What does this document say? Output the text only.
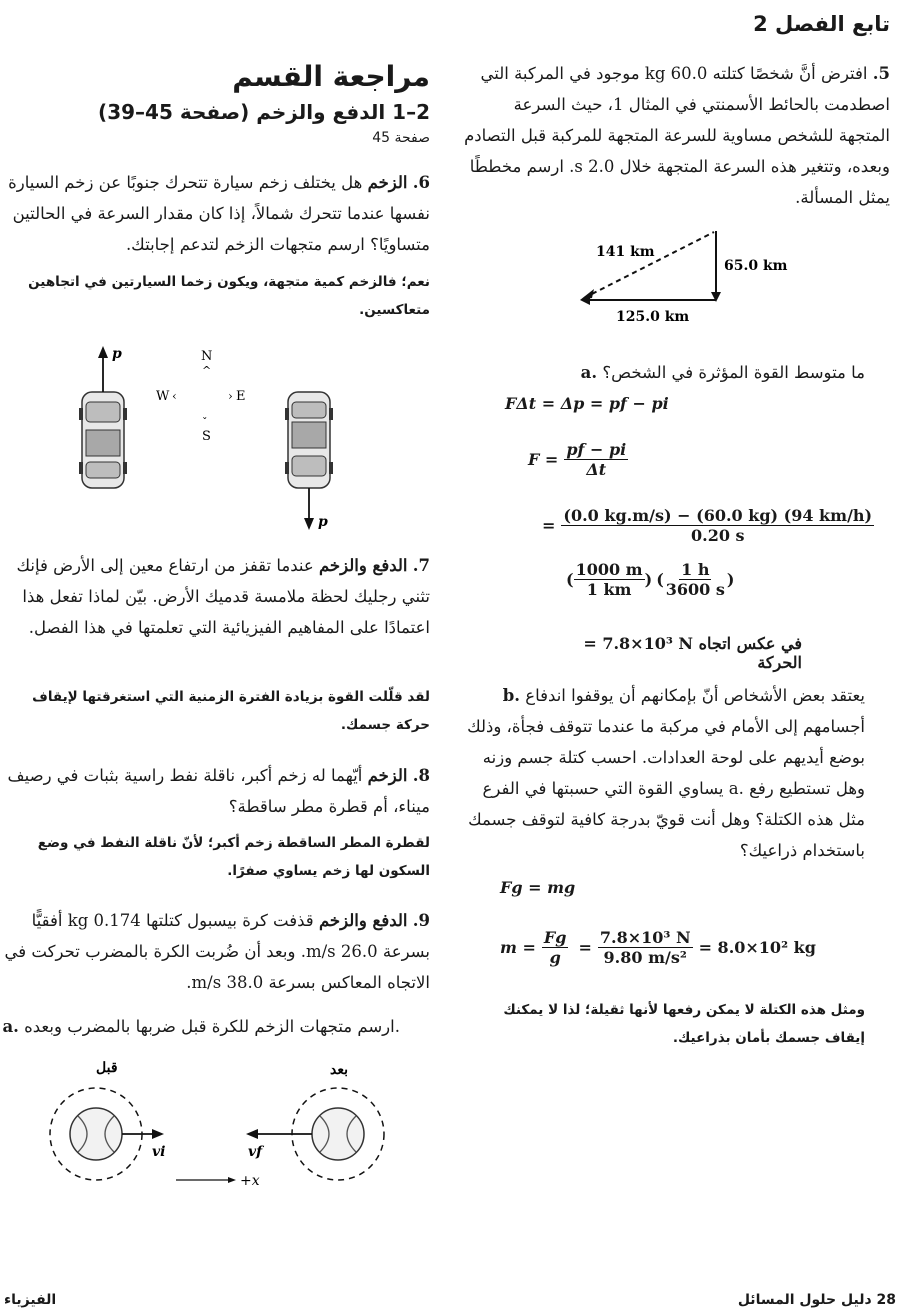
تابع الفصل 2
مراجعة القسم
2–1 الدفع والزخم (صفحة 45–39)
صفحة 45
5. افترض أنَّ شخصًا كتلته 60.0 kg موجود في المركبة التي اصطدمت بالحائط الأسمنتي في المثال 1، حيث السرعة المتجهة للشخص مساوية للسرعة المتجهة للمركبة قبل التصادم وبعده، وتتغير هذه السرعة المتجهة خلال 2.0 s. ارسم مخططًا يمثل المسألة.
141 km
65.0 km
125.0 km
a. ما متوسط القوة المؤثرة في الشخص؟
FΔt = Δp = pf − pi
$F = \frac{pf - pi}{\Delta t}$
= $\frac{(0.0 kg.m/s) - (60.0 kg) (94 km/h)}{0.20 s}$
( $\frac{1000 m}{1 km}$ ) ( $\frac{1 h}{3600 s}$ )
= 7.8×10³ N في عكس اتجاه الحركة
b. يعتقد بعض الأشخاص أنّ بإمكانهم أن يوقفوا اندفاع أجسامهم إلى الأمام في مركبة ما عندما تتوقف فجأة، وذلك بوضع أيديهم على لوحة العدادات. احسب كتلة جسم وزنه يساوي القوة التي حسبتها في الفرع a. وهل تستطيع رفع مثل هذه الكتلة؟ وهل أنت قويّ بدرجة كافية لتوقف جسمك باستخدام ذراعيك؟
Fg = mg
$m = \frac{Fg}{g} = \frac{\text{7.8×10³ N}}{\text{9.80 m/s²}} = 8.0\times 10^2$ kg
ومثل هذه الكتلة لا يمكن رفعها لأنها ثقيلة؛ لذا لا يمكنك إيقاف جسمك بأمان بذراعيك.
6. الزخم هل يختلف زخم سيارة تتحرك جنوبًا عن زخم السيارة نفسها عندما تتحرك شمالاً، إذا كان مقدار السرعة في الحالتين متساويًا؟ ارسم متجهات الزخم لتدعم إجابتك.
نعم؛ فالزخم كمية متجهة، ويكون زخما السيارتين في اتجاهين متعاكسين.
p	N
^
W ‹	› E
ˇ
S
p
7. الدفع والزخم عندما تقفز من ارتفاع معين إلى الأرض فإنك تثني رجليك لحظة ملامسة قدميك الأرض. بيّن لماذا تفعل هذا اعتمادًا على المفاهيم الفيزيائية التي تعلمتها في هذا الفصل.
لقد قلّلت القوة بزيادة الفترة الزمنية التي استغرقتها لإيقاف حركة جسمك.
8. الزخم أيّهما له زخم أكبر، ناقلة نفط راسية بثبات في رصيف ميناء، أم قطرة مطر ساقطة؟
لقطرة المطر الساقطة زخم أكبر؛ لأنّ ناقلة النفط في وضع السكون لها زخم يساوي صفرًا.
9. الدفع والزخم قذفت كرة بيسبول كتلتها 0.174 kg أفقيًّا بسرعة 26.0 m/s. وبعد أن ضُربت الكرة بالمضرب تحركت في الاتجاه المعاكس بسرعة 38.0 m/s.
a. ارسم متجهات الزخم للكرة قبل ضربها بالمضرب وبعده.
قبل	بعد
vi	vf
+x
الفيزياء	28 دليل حلول المسائل
